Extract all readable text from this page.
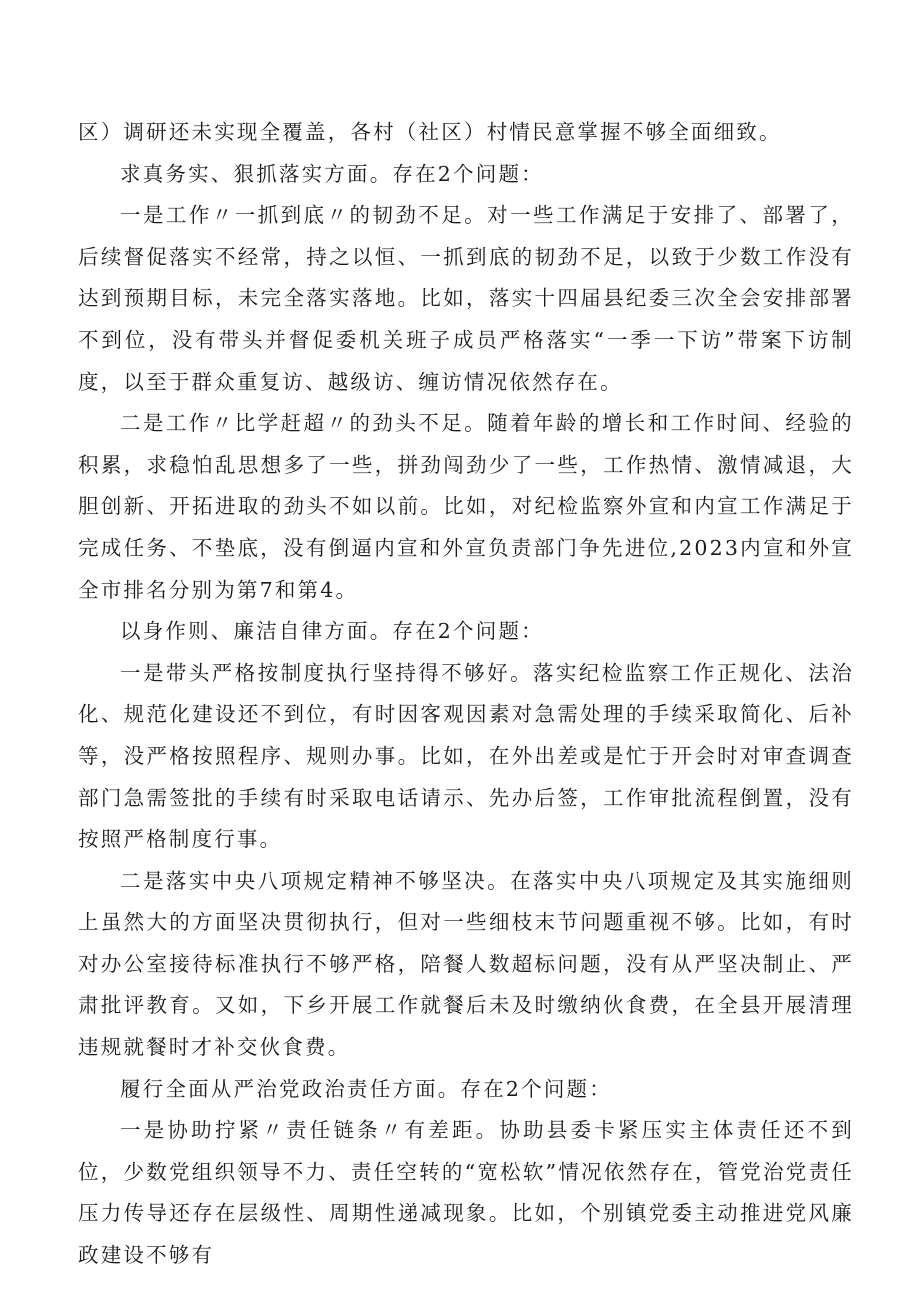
区）调研还未实现全覆盖，各村（社区）村情民意掌握不够全面细致。

求真务实、狠抓落实方面。存在2个问题：

一是工作〃一抓到底〃的韧劲不足。对一些工作满足于安排了、部署了，后续督促落实不经常，持之以恒、一抓到底的韧劲不足，以致于少数工作没有达到预期目标，未完全落实落地。比如，落实十四届县纪委三次全会安排部署不到位，没有带头并督促委机关班子成员严格落实“一季一下访”带案下访制度，以至于群众重复访、越级访、缠访情况依然存在。

二是工作〃比学赶超〃的劲头不足。随着年龄的增长和工作时间、经验的积累，求稳怕乱思想多了一些，拼劲闯劲少了一些，工作热情、激情减退，大胆创新、开拓进取的劲头不如以前。比如，对纪检监察外宣和内宣工作满足于完成任务、不垫底，没有倒逼内宣和外宣负责部门争先进位,2023内宣和外宣全市排名分别为第7和第4。

以身作则、廉洁自律方面。存在2个问题：

一是带头严格按制度执行坚持得不够好。落实纪检监察工作正规化、法治化、规范化建设还不到位，有时因客观因素对急需处理的手续采取简化、后补等，没严格按照程序、规则办事。比如，在外出差或是忙于开会时对审查调查部门急需签批的手续有时采取电话请示、先办后签，工作审批流程倒置，没有按照严格制度行事。

二是落实中央八项规定精神不够坚决。在落实中央八项规定及其实施细则上虽然大的方面坚决贯彻执行，但对一些细枝末节问题重视不够。比如，有时对办公室接待标准执行不够严格，陪餐人数超标问题，没有从严坚决制止、严肃批评教育。又如，下乡开展工作就餐后未及时缴纳伙食费，在全县开展清理违规就餐时才补交伙食费。

履行全面从严治党政治责任方面。存在2个问题：

一是协助拧紧〃责任链条〃有差距。协助县委卡紧压实主体责任还不到位，少数党组织领导不力、责任空转的“宽松软”情况依然存在，管党治党责任压力传导还存在层级性、周期性递减现象。比如，个别镇党委主动推进党风廉政建设不够有
